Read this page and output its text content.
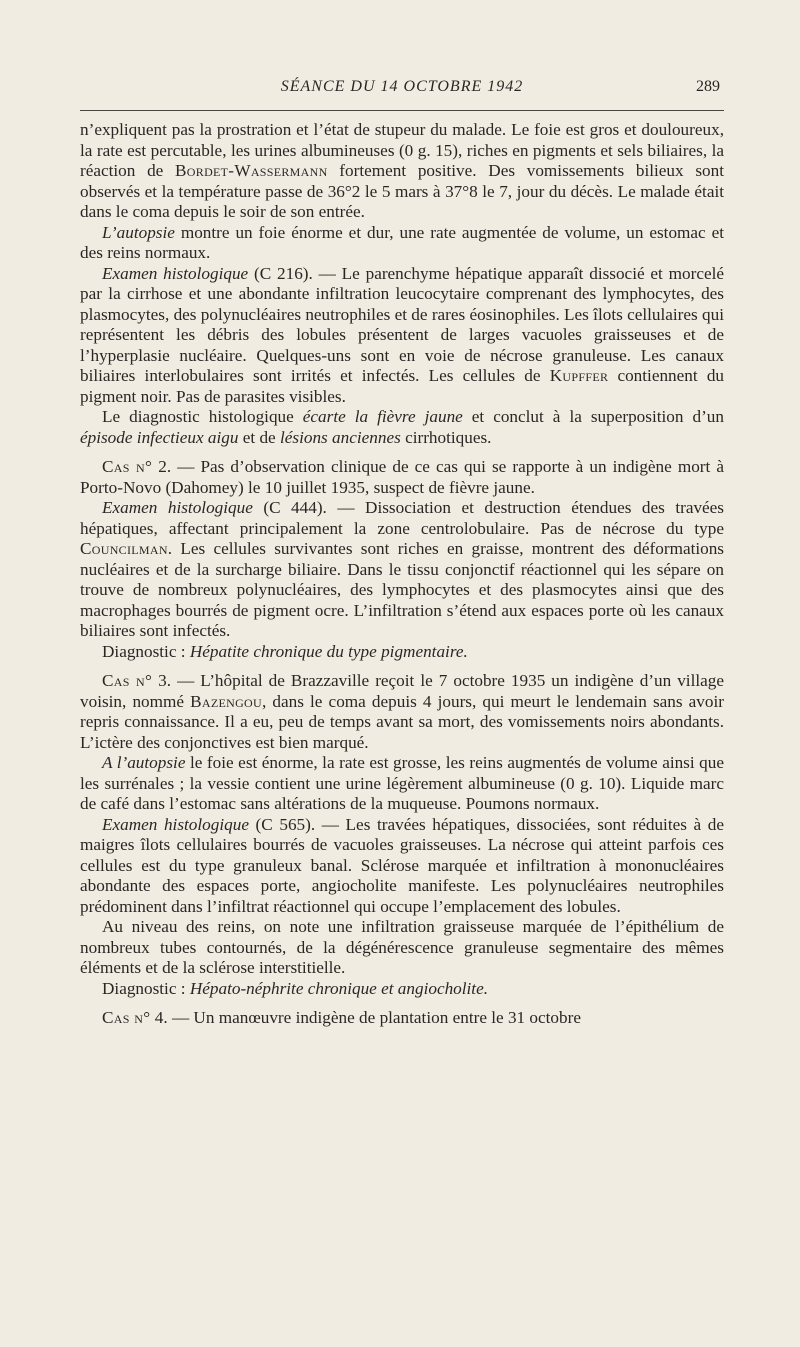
SÉANCE DU 14 OCTOBRE 1942	289

n’expliquent pas la prostration et l’état de stupeur du malade. Le foie est gros et douloureux, la rate est percutable, les urines albumineuses (0 g. 15), riches en pigments et sels biliaires, la réaction de Bordet-Wassermann fortement positive. Des vomissements bilieux sont observés et la température passe de 36°2 le 5 mars à 37°8 le 7, jour du décès. Le malade était dans le coma depuis le soir de son entrée.

L’autopsie montre un foie énorme et dur, une rate augmentée de volume, un estomac et des reins normaux.

Examen histologique (C 216). — Le parenchyme hépatique apparaît dissocié et morcelé par la cirrhose et une abondante infiltration leucocytaire comprenant des lymphocytes, des plasmocytes, des polynucléaires neutrophiles et de rares éosinophiles. Les îlots cellulaires qui représentent les débris des lobules présentent de larges vacuoles graisseuses et de l’hyperplasie nucléaire. Quelques-uns sont en voie de nécrose granuleuse. Les canaux biliaires interlobulaires sont irrités et infectés. Les cellules de Kupffer contiennent du pigment noir. Pas de parasites visibles.

Le diagnostic histologique écarte la fièvre jaune et conclut à la superposition d’un épisode infectieux aigu et de lésions anciennes cirrhotiques.

Cas n° 2. — Pas d’observation clinique de ce cas qui se rapporte à un indigène mort à Porto-Novo (Dahomey) le 10 juillet 1935, suspect de fièvre jaune.

Examen histologique (C 444). — Dissociation et destruction étendues des travées hépatiques, affectant principalement la zone centrolobulaire. Pas de nécrose du type Councilman. Les cellules survivantes sont riches en graisse, montrent des déformations nucléaires et de la surcharge biliaire. Dans le tissu conjonctif réactionnel qui les sépare on trouve de nombreux polynucléaires, des lymphocytes et des plasmocytes ainsi que des macrophages bourrés de pigment ocre. L’infiltration s’étend aux espaces porte où les canaux biliaires sont infectés.

Diagnostic : Hépatite chronique du type pigmentaire.

Cas n° 3. — L’hôpital de Brazzaville reçoit le 7 octobre 1935 un indigène d’un village voisin, nommé Bazengou, dans le coma depuis 4 jours, qui meurt le lendemain sans avoir repris connaissance. Il a eu, peu de temps avant sa mort, des vomissements noirs abondants. L’ictère des conjonctives est bien marqué.

A l’autopsie le foie est énorme, la rate est grosse, les reins augmentés de volume ainsi que les surrénales ; la vessie contient une urine légèrement albumineuse (0 g. 10). Liquide marc de café dans l’estomac sans altérations de la muqueuse. Poumons normaux.

Examen histologique (C 565). — Les travées hépatiques, dissociées, sont réduites à de maigres îlots cellulaires bourrés de vacuoles graisseuses. La nécrose qui atteint parfois ces cellules est du type granuleux banal. Sclérose marquée et infiltration à mononucléaires abondante des espaces porte, angiocholite manifeste. Les polynucléaires neutrophiles prédominent dans l’infiltrat réactionnel qui occupe l’emplacement des lobules.

Au niveau des reins, on note une infiltration graisseuse marquée de l’épithélium de nombreux tubes contournés, de la dégénérescence granuleuse segmentaire des mêmes éléments et de la sclérose interstitielle.

Diagnostic : Hépato-néphrite chronique et angiocholite.

Cas n° 4. — Un manœuvre indigène de plantation entre le 31 octobre
